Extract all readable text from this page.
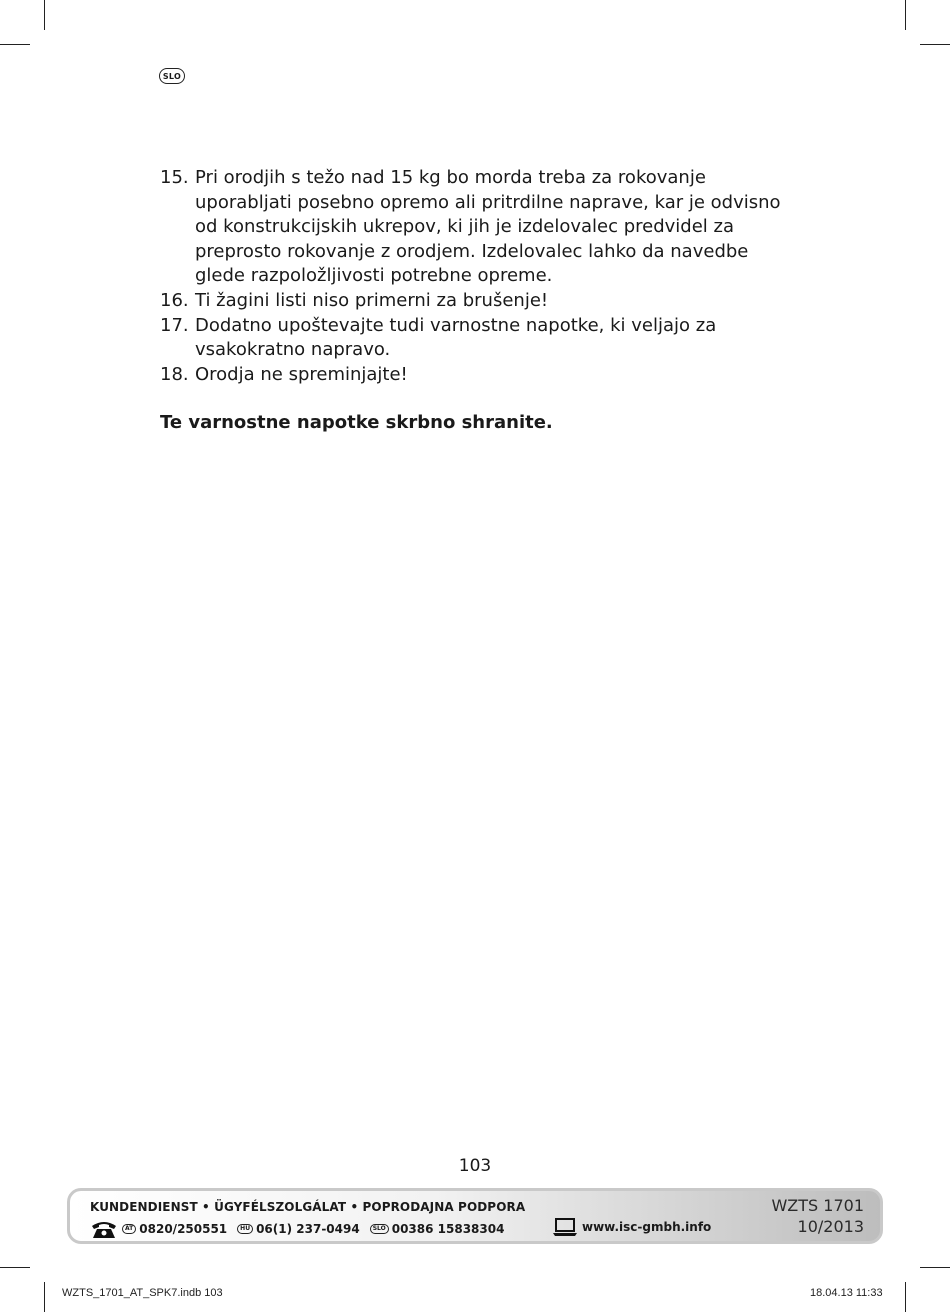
SLO
15. Pri orodjih s težo nad 15 kg bo morda treba za rokovanje uporabljati posebno opremo ali pritrdilne naprave, kar je odvisno od konstrukcijskih ukrepov, ki jih je izdelovalec predvidel za preprosto rokovanje z orodjem. Izdelovalec lahko da navedbe glede razpoložljivosti potrebne opreme.
16. Ti žagini listi niso primerni za brušenje!
17. Dodatno upoštevajte tudi varnostne napotke, ki veljajo za vsakokratno napravo.
18. Orodja ne spreminjajte!
Te varnostne napotke skrbno shranite.
103
KUNDENDIENST • ÜGYFÉLSZOLGÁLAT • POPRODAJNA PODPORA
AT 0820/250551	HU 06(1) 237-0494	SLO 00386 15838304	www.isc-gmbh.info
WZTS 1701
10/2013
WZTS_1701_AT_SPK7.indb 103	18.04.13 11:33
